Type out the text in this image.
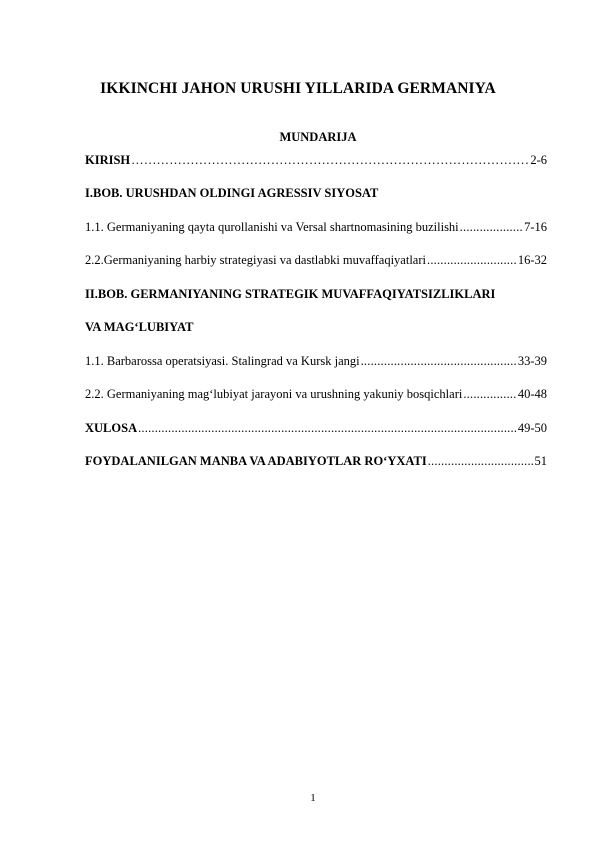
IKKINCHI JAHON URUSHI YILLARIDA GERMANIYA
MUNDARIJA
KIRISH ……………………………………………………………………………………………………………………………………………………	2-6
I.BOB. URUSHDAN OLDINGI AGRESSIV SIYOSAT
1.1. Germaniyaning qayta qurollanishi va Versal shartnomasining buzilishi .....	7-16
2.2.Germaniyaning harbiy strategiyasi va dastlabki muvaffaqiyatlari .....	16-32
II.BOB. GERMANIYANING STRATEGIK MUVAFFAQIYATSIZLIKLARI
VA MAG‘LUBIYAT
1.1. Barbarossa operatsiyasi. Stalingrad va Kursk jangi .....	33-39
2.2. Germaniyaning mag‘lubiyat jarayoni va urushning yakuniy bosqichlari .....	40-48
XULOSA .....	49-50
FOYDALANILGAN MANBA VA ADABIYOTLAR RO‘YXATI .....	51
1
